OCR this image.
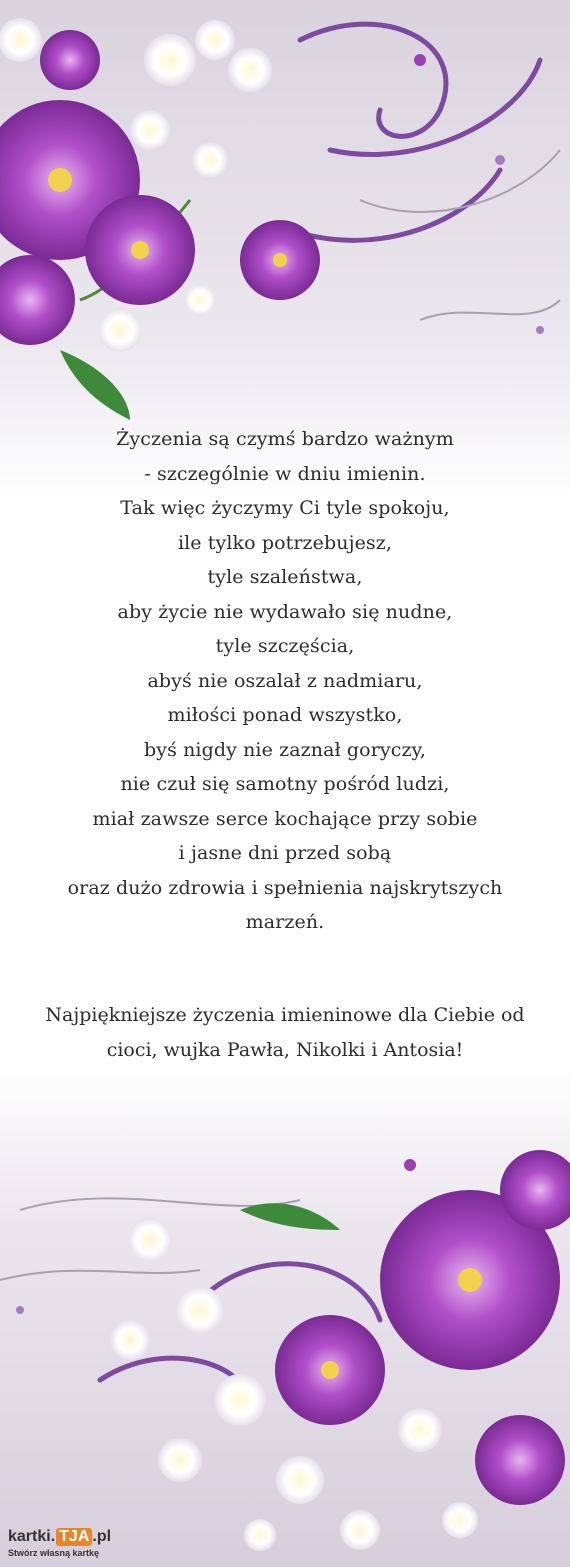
Życzenia są czymś bardzo ważnym
- szczególnie w dniu imienin.
Tak więc życzymy Ci tyle spokoju,
ile tylko potrzebujesz,
tyle szaleństwa,
aby życie nie wydawało się nudne,
tyle szczęścia,
abyś nie oszalał z nadmiaru,
miłości ponad wszystko,
byś nigdy nie zaznał goryczy,
nie czuł się samotny pośród ludzi,
miał zawsze serce kochające przy sobie
i jasne dni przed sobą
oraz dużo zdrowia i spełnienia najskrytszych
marzeń.
Najpiękniejsze życzenia imieninowe dla Ciebie od
cioci, wujka Pawła, Nikolki i Antosia!
kartki. TJA .pl
Stwórz własną kartkę
